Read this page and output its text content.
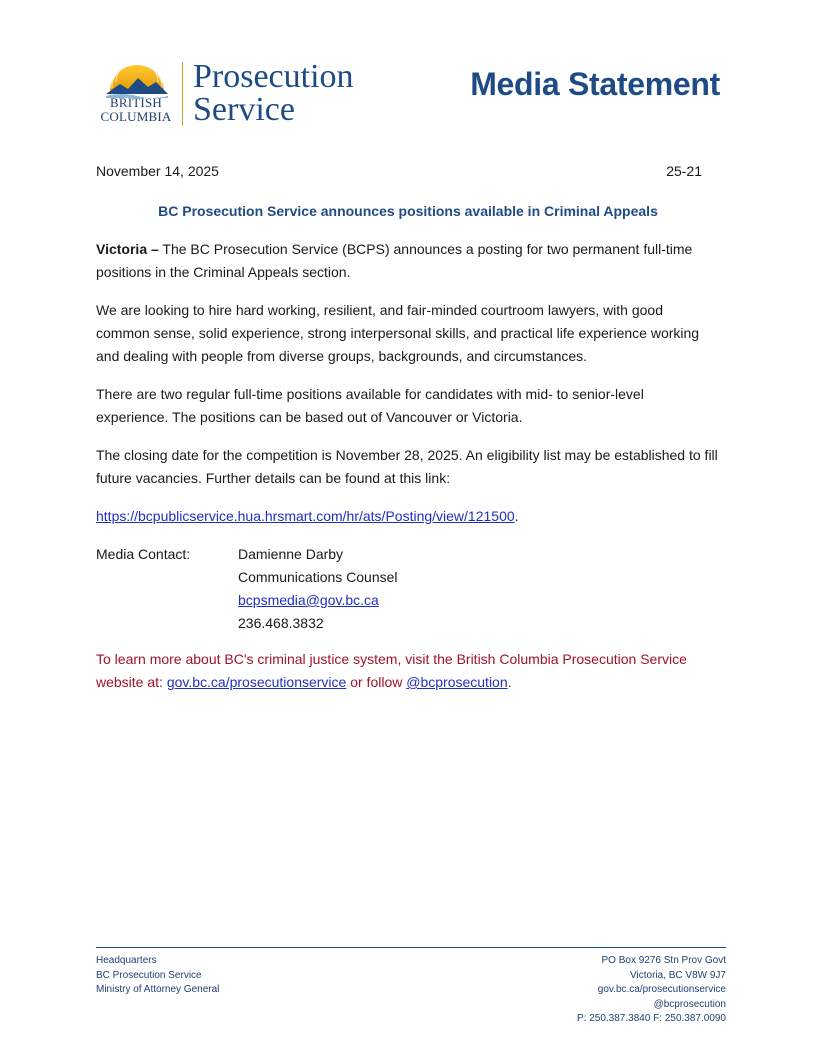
BRITISH
COLUMBIA
Prosecution
Service
Media Statement
November 14, 2025	25-21
BC Prosecution Service announces positions available in Criminal Appeals

Victoria – The BC Prosecution Service (BCPS) announces a posting for two permanent full-time positions in the Criminal Appeals section.

We are looking to hire hard working, resilient, and fair-minded courtroom lawyers, with good common sense, solid experience, strong interpersonal skills, and practical life experience working and dealing with people from diverse groups, backgrounds, and circumstances.

There are two regular full-time positions available for candidates with mid- to senior-level experience. The positions can be based out of Vancouver or Victoria.

The closing date for the competition is November 28, 2025. An eligibility list may be established to fill future vacancies. Further details can be found at this link:

https://bcpublicservice.hua.hrsmart.com/hr/ats/Posting/view/121500.

Media Contact:	Damienne Darby
Communications Counsel
bcpsmedia@gov.bc.ca
236.468.3832

To learn more about BC's criminal justice system, visit the British Columbia Prosecution Service website at: gov.bc.ca/prosecutionservice or follow @bcprosecution.

Headquarters
BC Prosecution Service
Ministry of Attorney General
PO Box 9276 Stn Prov Govt
Victoria, BC V8W 9J7
gov.bc.ca/prosecutionservice
@bcprosecution
P: 250.387.3840 F: 250.387.0090
